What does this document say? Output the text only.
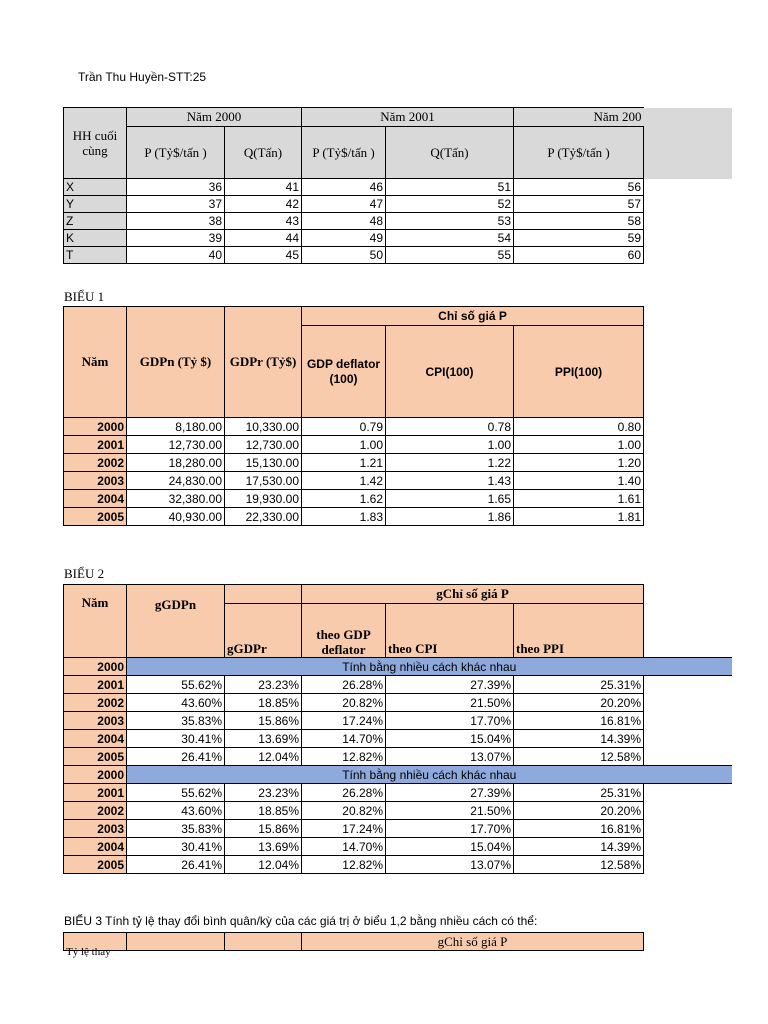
Trần Thu Huyền-STT:25
HH cuối cùng	Năm 2000		Năm 2001		Năm 200	
	P (Tỷ$/tấn )	Q(Tấn)	P (Tỷ$/tấn )	Q(Tấn)	P (Tỷ$/tấn )	
X	36	41	46	51	56	
Y	37	42	47	52	57	
Z	38	43	48	53	58	
K	39	44	49	54	59	
T	40	45	50	55	60	
BIỂU 1
Năm	GDPn (Tỷ $)	GDPr (Tỷ$)	Chỉ số giá P		
			GDP deflator (100)	CPI(100)	PPI(100)
2000	8,180.00	10,330.00	0.79	0.78	0.80
2001	12,730.00	12,730.00	1.00	1.00	1.00
2002	18,280.00	15,130.00	1.21	1.22	1.20
2003	24,830.00	17,530.00	1.42	1.43	1.40
2004	32,380.00	19,930.00	1.62	1.65	1.61
2005	40,930.00	22,330.00	1.83	1.86	1.81
BIỂU 2
Năm	gGDPn		gChỉ số giá P			
		gGDPr	theo GDP deflator	theo CPI	theo PPI	
2000	Tính bằng nhiều cách khác nhau					
2001	55.62%	23.23%	26.28%	27.39%	25.31%	
2002	43.60%	18.85%	20.82%	21.50%	20.20%	
2003	35.83%	15.86%	17.24%	17.70%	16.81%	
2004	30.41%	13.69%	14.70%	15.04%	14.39%	
2005	26.41%	12.04%	12.82%	13.07%	12.58%	
2000	Tính bằng nhiều cách khác nhau					
2001	55.62%	23.23%	26.28%	27.39%	25.31%	
2002	43.60%	18.85%	20.82%	21.50%	20.20%	
2003	35.83%	15.86%	17.24%	17.70%	16.81%	
2004	30.41%	13.69%	14.70%	15.04%	14.39%	
2005	26.41%	12.04%	12.82%	13.07%	12.58%	
BIỂU 3 Tính tỷ lệ thay đổi bình quân/kỳ của các giá trị ở biểu 1,2 bằng nhiều cách có thể:
Tỷ lệ thay			gChỉ số giá P
